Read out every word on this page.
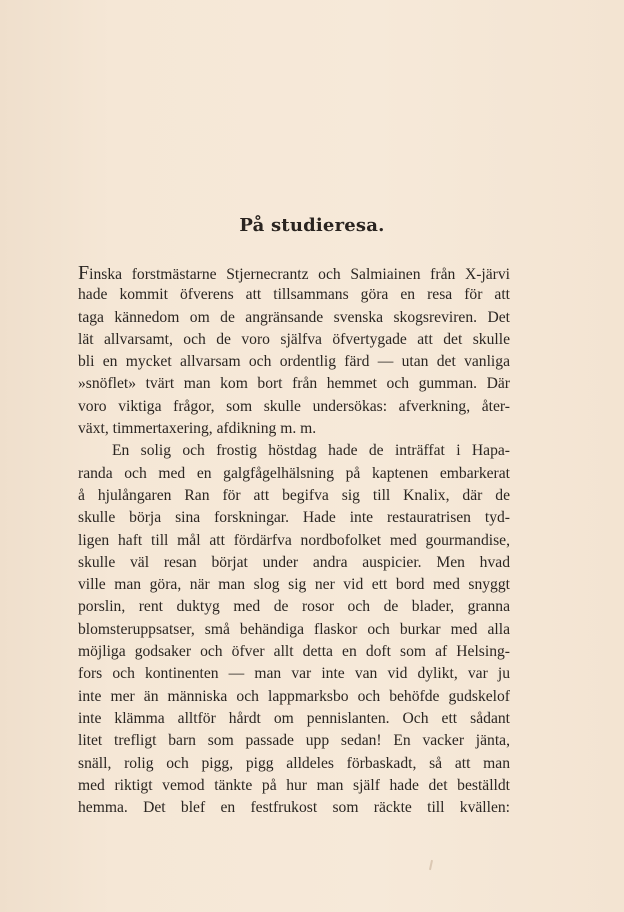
På studieresa.
Finska forstmästarne Stjernecrantz och Salmiainen från X-järvi
hade kommit öfverens att tillsammans göra en resa för att
taga kännedom om de angränsande svenska skogsreviren. Det
lät allvarsamt, och de voro själfva öfvertygade att det skulle
bli en mycket allvarsam och ordentlig färd — utan det vanliga
»snöflet» tvärt man kom bort från hemmet och gumman. Där
voro viktiga frågor, som skulle undersökas: afverkning, åter-
växt, timmertaxering, afdikning m. m.
En solig och frostig höstdag hade de inträffat i Hapa-
randa och med en galgfågelhälsning på kaptenen embarkerat
å hjulångaren Ran för att begifva sig till Knalix, där de
skulle börja sina forskningar. Hade inte restauratrisen tyd-
ligen haft till mål att fördärfva nordbofolket med gourmandise,
skulle väl resan börjat under andra auspicier. Men hvad
ville man göra, när man slog sig ner vid ett bord med snyggt
porslin, rent duktyg med de rosor och de blader, granna
blomsteruppsatser, små behändiga flaskor och burkar med alla
möjliga godsaker och öfver allt detta en doft som af Helsing-
fors och kontinenten — man var inte van vid dylikt, var ju
inte mer än människa och lappmarksbo och behöfde gudskelof
inte klämma alltför hårdt om pennislanten. Och ett sådant
litet trefligt barn som passade upp sedan! En vacker jänta,
snäll, rolig och pigg, pigg alldeles förbaskadt, så att man
med riktigt vemod tänkte på hur man själf hade det beställdt
hemma. Det blef en festfrukost som räckte till kvällen:
